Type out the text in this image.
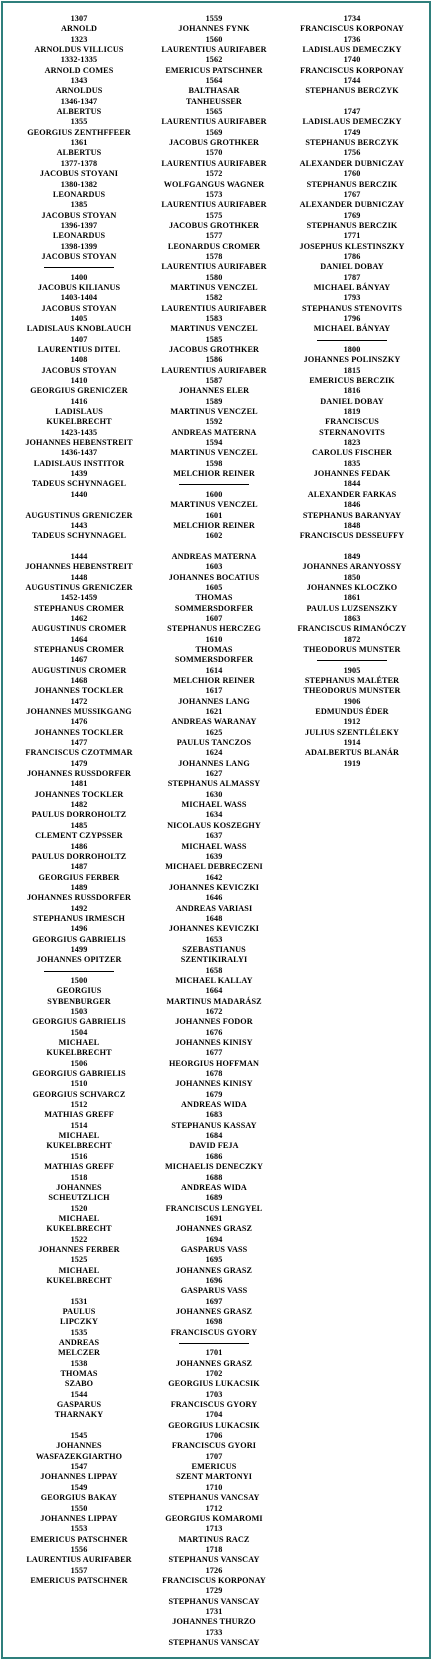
1307
ARNOLD
1323
ARNOLDUS VILLICUS
1332-1335
ARNOLD COMES
1343
ARNOLDUS
1346-1347
ALBERTUS
1355
GEORGIUS ZENTHFFEER
1361
ALBERTUS
1377-1378
JACOBUS STOYANI
1380-1382
LEONARDUS
1385
JACOBUS STOYAN
1396-1397
LEONARDUS
1398-1399
JACOBUS STOYAN
1400
JACOBUS KILIANUS
1403-1404
JACOBUS STOYAN
1405
LADISLAUS KNOBLAUCH
1407
LAURENTIUS DITEL
1408
JACOBUS STOYAN
1410
GEORGIUS GRENICZER
1416
LADISLAUS
KUKELBRECHT
1423-1435
JOHANNES HEBENSTREIT
1436-1437
LADISLAUS INSTITOR
1439
TADEUS SCHYNNAGEL
1440
AUGUSTINUS GRENICZER
1443
TADEUS SCHYNNAGEL
1444
JOHANNES HEBENSTREIT
1448
AUGUSTINUS GRENICZER
1452-1459
STEPHANUS CROMER
1462
AUGUSTINUS CROMER
1464
STEPHANUS CROMER
1467
AUGUSTINUS CROMER
1468
JOHANNES TOCKLER
1472
JOHANNES MUSSIKGANG
1476
JOHANNES TOCKLER
1477
FRANCISCUS CZOTMMAR
1479
JOHANNES RUSSDORFER
1481
JOHANNES TOCKLER
1482
PAULUS DORROHOLTZ
1485
CLEMENT CZYPSSER
1486
PAULUS DORROHOLTZ
1487
GEORGIUS FERBER
1489
JOHANNES RUSSDORFER
1492
STEPHANUS IRMESCH
1496
GEORGIUS GABRIELIS
1499
JOHANNES OPITZER
1500
GEORGIUS
SYBENBURGER
1503
GEORGIUS GABRIELIS
1504
MICHAEL
KUKELBRECHT
1506
GEORGIUS GABRIELIS
1510
GEORGIUS SCHVARCZ
1512
MATHIAS GREFF
1514
MICHAEL
KUKELBRECHT
1516
MATHIAS GREFF
1518
JOHANNES
SCHEUTZLICH
1520
MICHAEL
KUKELBRECHT
1522
JOHANNES FERBER
1525
MICHAEL
KUKELBRECHT
1531
PAULUS
LIPCZKY
1535
ANDREAS
MELCZER
1538
THOMAS
SZABO
1544
GASPARUS
THARNAKY
1545
JOHANNES
WASFAZEKGIARTHO
1547
JOHANNES LIPPAY
1549
GEORGIUS BAKAY
1550
JOHANNES LIPPAY
1553
EMERICUS PATSCHNER
1556
LAURENTIUS AURIFABER
1557
EMERICUS PATSCHNER
1559
JOHANNES FYNK
1560
LAURENTIUS AURIFABER
1562
EMERICUS PATSCHNER
1564
BALTHASAR
TANHEUSSER
1565
LAURENTIUS AURIFABER
1569
JACOBUS GROTHKER
1570
LAURENTIUS AURIFABER
1572
WOLFGANGUS WAGNER
1573
LAURENTIUS AURIFABER
1575
JACOBUS GROTHKER
1577
LEONARDUS CROMER
1578
LAURENTIUS AURIFABER
1580
MARTINUS VENCZEL
1582
LAURENTIUS AURIFABER
1583
MARTINUS VENCZEL
1585
JACOBUS GROTHKER
1586
LAURENTIUS AURIFABER
1587
JOHANNES ELER
1589
MARTINUS VENCZEL
1592
ANDREAS MATERNA
1594
MARTINUS VENCZEL
1598
MELCHIOR REINER
1600
MARTINUS VENCZEL
1601
MELCHIOR REINER
1602
ANDREAS MATERNA
1603
JOHANNES BOCATIUS
1605
THOMAS
SOMMERSDORFER
1607
STEPHANUS HERCZEG
1610
THOMAS
SOMMERSDORFER
1614
MELCHIOR REINER
1617
JOHANNES LANG
1621
ANDREAS WARANAY
1625
PAULUS TANCZOS
1624
JOHANNES LANG
1627
STEPHANUS ALMASSY
1630
MICHAEL WASS
1634
NICOLAUS KOSZEGHY
1637
MICHAEL WASS
1639
MICHAEL DEBRECZENI
1642
JOHANNES KEVICZKI
1646
ANDREAS VARIASI
1648
JOHANNES KEVICZKI
1653
SZEBASTIANUS
SZENTIKIRALYI
1658
MICHAEL KALLAY
1664
MARTINUS MADARÁSZ
1672
JOHANNES FODOR
1676
JOHANNES KINISY
1677
HEORGIUS HOFFMAN
1678
JOHANNES KINISY
1679
ANDREAS WIDA
1683
STEPHANUS KASSAY
1684
DAVID FEJA
1686
MICHAELIS DENECZKY
1688
ANDREAS WIDA
1689
FRANCISCUS LENGYEL
1691
JOHANNES GRASZ
1694
GASPARUS VASS
1695
JOHANNES GRASZ
1696
GASPARUS VASS
1697
JOHANNES GRASZ
1698
FRANCISCUS GYORY
1701
JOHANNES GRASZ
1702
GEORGIUS LUKACSIK
1703
FRANCISCUS GYORY
1704
GEORGIUS LUKACSIK
1706
FRANCISCUS GYORI
1707
EMERICUS
SZENT MARTONYI
1710
STEPHANUS VANCSAY
1712
GEORGIUS KOMAROMI
1713
MARTINUS RACZ
1718
STEPHANUS VANSCAY
1726
FRANCISCUS KORPONAY
1729
STEPHANUS VANSCAY
1731
JOHANNES THURZO
1733
STEPHANUS VANSCAY
1734
FRANCISCUS KORPONAY
1736
LADISLAUS DEMECZKY
1740
FRANCISCUS KORPONAY
1744
STEPHANUS BERCZYK
1747
LADISLAUS DEMECZKY
1749
STEPHANUS BERCZYK
1756
ALEXANDER DUBNICZAY
1760
STEPHANUS BERCZIK
1767
ALEXANDER DUBNICZAY
1769
STEPHANUS BERCZIK
1771
JOSEPHUS KLESTINSZKY
1786
DANIEL DOBAY
1787
MICHAEL BÁNYAY
1793
STEPHANUS STENOVITS
1796
MICHAEL BÁNYAY
1800
JOHANNES POLINSZKY
1815
EMERICUS BERCZIK
1816
DANIEL DOBAY
1819
FRANCISCUS
STERNANOVITS
1823
CAROLUS FISCHER
1835
JOHANNES FEDAK
1844
ALEXANDER FARKAS
1846
STEPHANUS BARANYAY
1848
FRANCISCUS DESSEUFFY
1849
JOHANNES ARANYOSSY
1850
JOHANNES KLOCZKO
1861
PAULUS LUZSENSZKY
1863
FRANCISCUS RIMANÓCZY
1872
THEODORUS MUNSTER
1905
STEPHANUS MALÉTER
THEODORUS MUNSTER
1906
EDMUNDUS ÉDER
1912
JULIUS SZENTLÉLEKY
1914
ADALBERTUS BLANÁR
1919
